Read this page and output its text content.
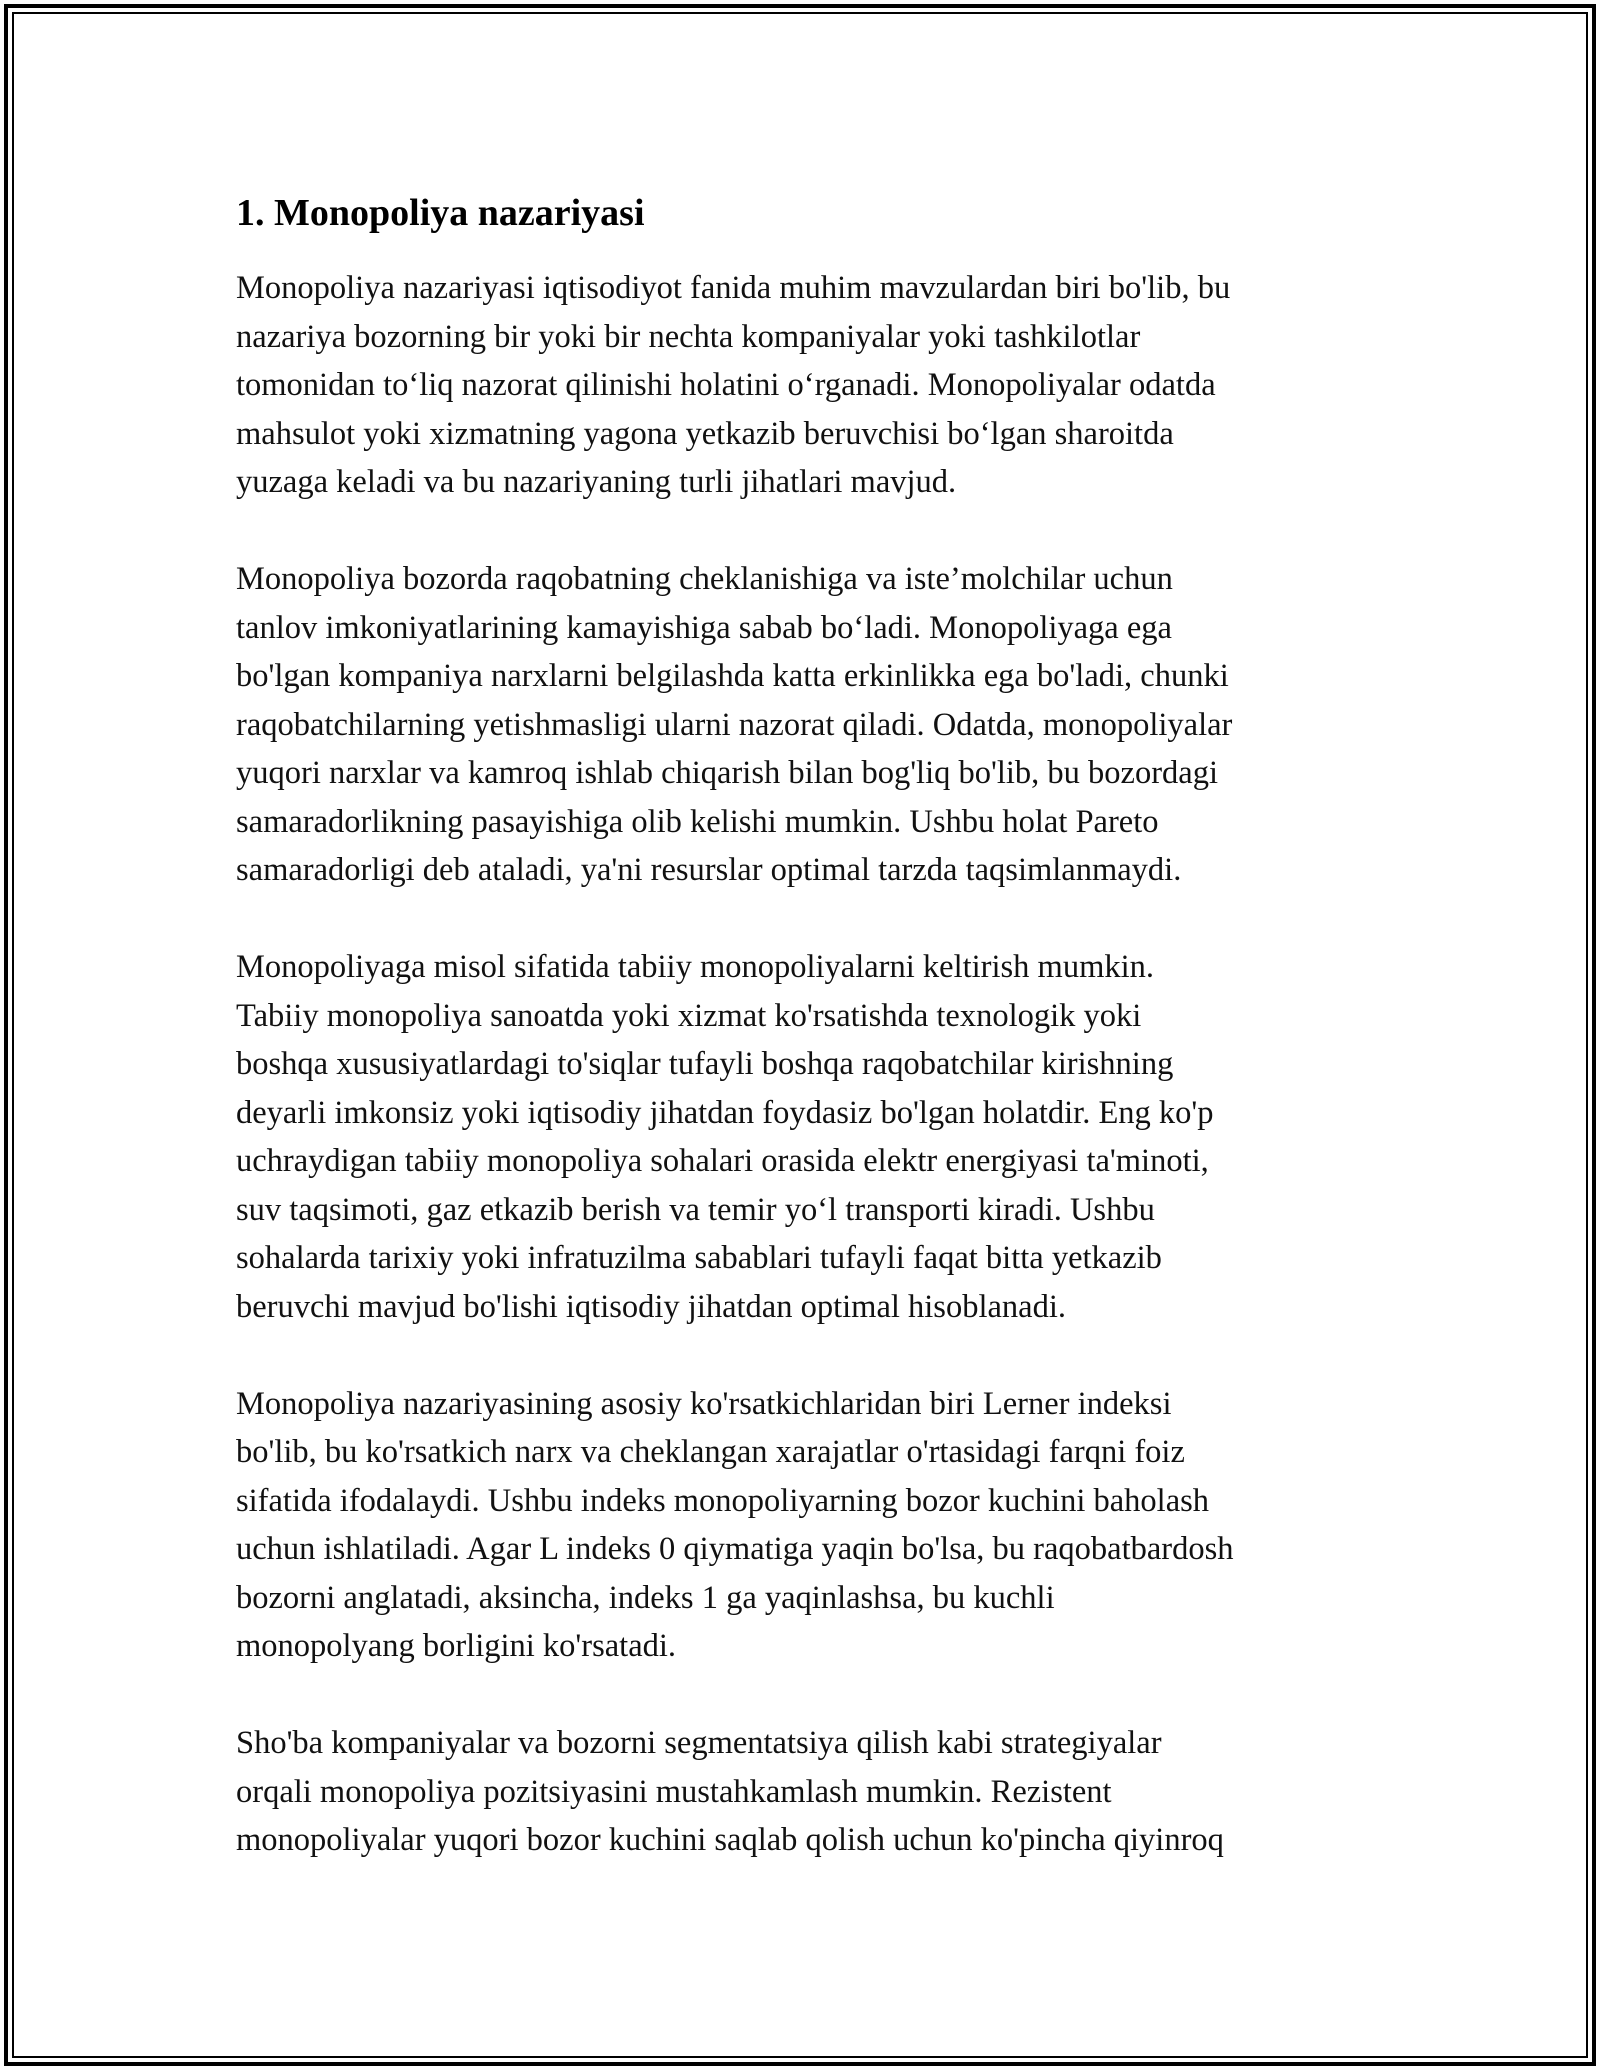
1. Monopoliya nazariyasi
Monopoliya nazariyasi iqtisodiyot fanida muhim mavzulardan biri bo'lib, bu
nazariya bozorning bir yoki bir nechta kompaniyalar yoki tashkilotlar
tomonidan to‘liq nazorat qilinishi holatini o‘rganadi. Monopoliyalar odatda
mahsulot yoki xizmatning yagona yetkazib beruvchisi bo‘lgan sharoitda
yuzaga keladi va bu nazariyaning turli jihatlari mavjud.
Monopoliya bozorda raqobatning cheklanishiga va iste’molchilar uchun
tanlov imkoniyatlarining kamayishiga sabab bo‘ladi. Monopoliyaga ega
bo'lgan kompaniya narxlarni belgilashda katta erkinlikka ega bo'ladi, chunki
raqobatchilarning yetishmasligi ularni nazorat qiladi. Odatda, monopoliyalar
yuqori narxlar va kamroq ishlab chiqarish bilan bog'liq bo'lib, bu bozordagi
samaradorlikning pasayishiga olib kelishi mumkin. Ushbu holat Pareto
samaradorligi deb ataladi, ya'ni resurslar optimal tarzda taqsimlanmaydi.
Monopoliyaga misol sifatida tabiiy monopoliyalarni keltirish mumkin.
Tabiiy monopoliya sanoatda yoki xizmat ko'rsatishda texnologik yoki
boshqa xususiyatlardagi to'siqlar tufayli boshqa raqobatchilar kirishning
deyarli imkonsiz yoki iqtisodiy jihatdan foydasiz bo'lgan holatdir. Eng ko'p
uchraydigan tabiiy monopoliya sohalari orasida elektr energiyasi ta'minoti,
suv taqsimoti, gaz etkazib berish va temir yo‘l transporti kiradi. Ushbu
sohalarda tarixiy yoki infratuzilma sabablari tufayli faqat bitta yetkazib
beruvchi mavjud bo'lishi iqtisodiy jihatdan optimal hisoblanadi.
Monopoliya nazariyasining asosiy ko'rsatkichlaridan biri Lerner indeksi
bo'lib, bu ko'rsatkich narx va cheklangan xarajatlar o'rtasidagi farqni foiz
sifatida ifodalaydi. Ushbu indeks monopoliyarning bozor kuchini baholash
uchun ishlatiladi. Agar L indeks 0 qiymatiga yaqin bo'lsa, bu raqobatbardosh
bozorni anglatadi, aksincha, indeks 1 ga yaqinlashsa, bu kuchli
monopolyang borligini ko'rsatadi.
Sho'ba kompaniyalar va bozorni segmentatsiya qilish kabi strategiyalar
orqali monopoliya pozitsiyasini mustahkamlash mumkin. Rezistent
monopoliyalar yuqori bozor kuchini saqlab qolish uchun ko'pincha qiyinroq
